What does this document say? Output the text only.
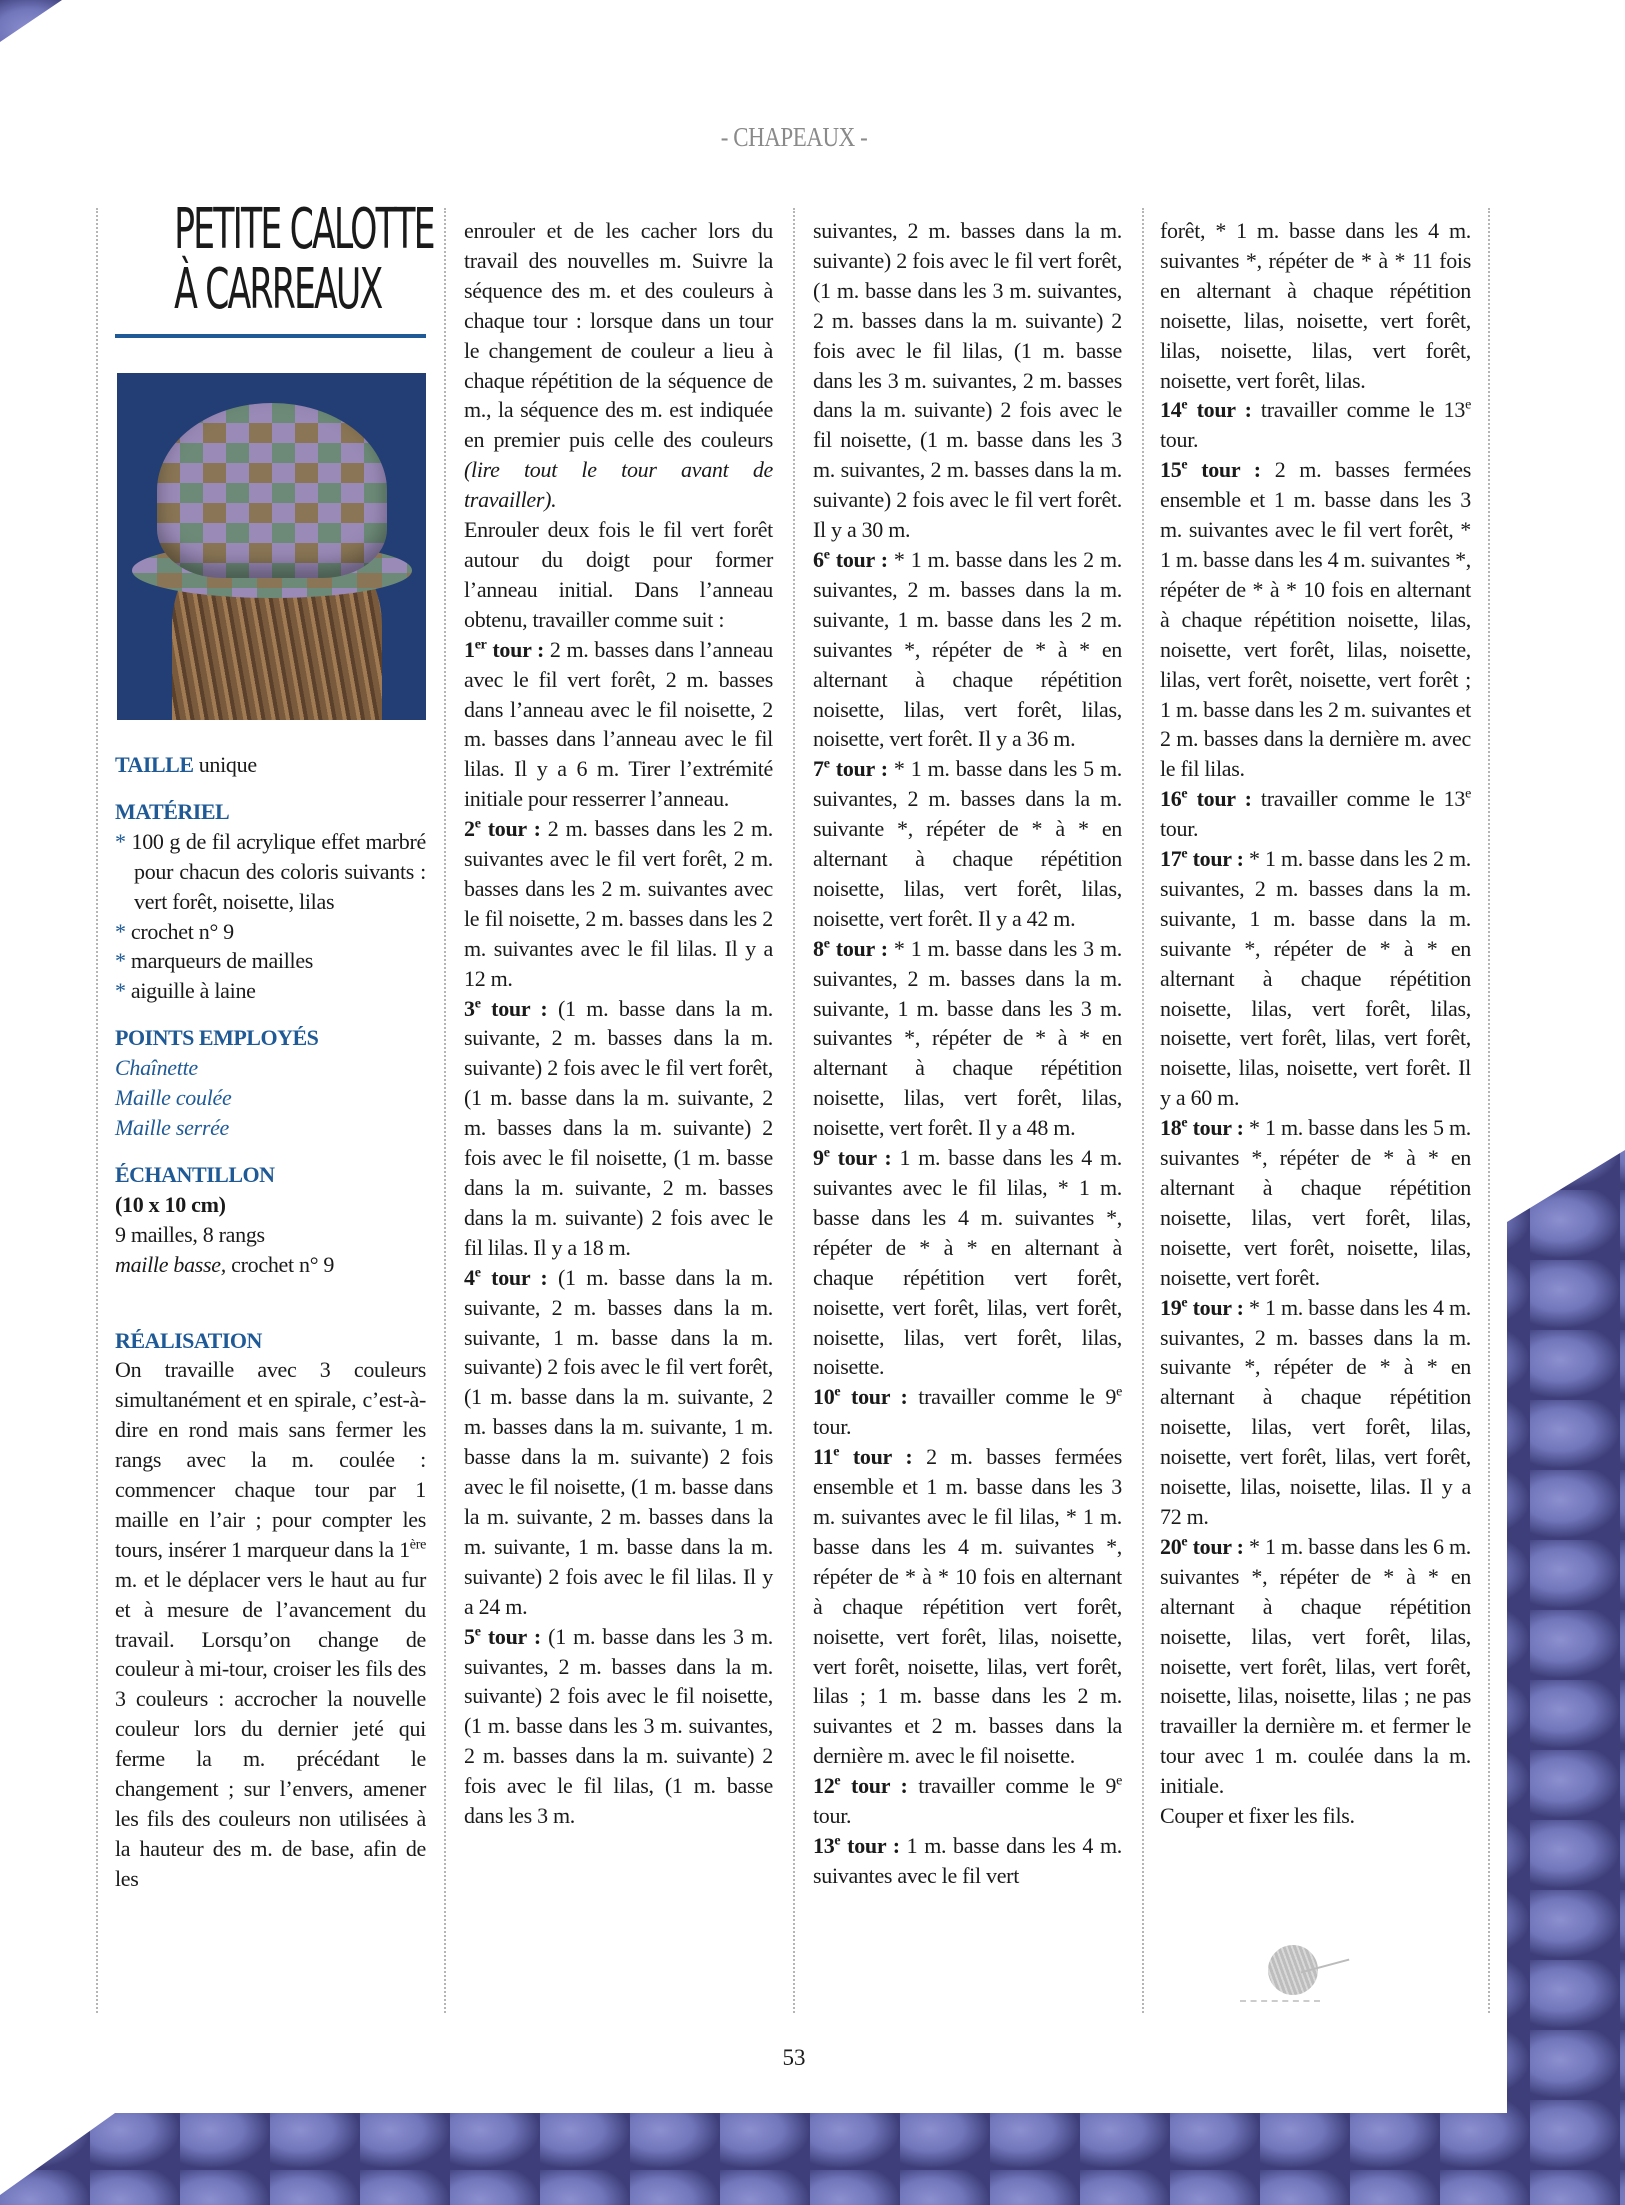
- CHAPEAUX -
PETITE CALOTTE
À CARREAUX

TAILLE unique

MATÉRIEL

* 100 g de fil acrylique effet marbré pour chacun des coloris suivants : vert forêt, noisette, lilas

* crochet n° 9

* marqueurs de mailles

* aiguille à laine

POINTS EMPLOYÉS

Chaînette

Maille coulée

Maille serrée

ÉCHANTILLON

(10 x 10 cm)

9 mailles, 8 rangs

maille basse, crochet n° 9

RÉALISATION

On travaille avec 3 couleurs simultanément et en spirale, c’est-à-dire en rond mais sans fermer les rangs avec la m. coulée : commencer chaque tour par 1 maille en l’air ; pour compter les tours, insérer 1 marqueur dans la 1ère m. et le déplacer vers le haut au fur et à mesure de l’avancement du travail. Lorsqu’on change de couleur à mi-tour, croiser les fils des 3 couleurs : accrocher la nouvelle couleur lors du dernier jeté qui ferme la m. précédant le changement ; sur l’envers, amener les fils des couleurs non utilisées à la hauteur des m. de base, afin de les

enrouler et de les cacher lors du travail des nouvelles m. Suivre la séquence des m. et des couleurs à chaque tour : lorsque dans un tour le changement de couleur a lieu à chaque répétition de la séquence de m., la séquence des m. est indiquée en premier puis celle des couleurs (lire tout le tour avant de travailler).

Enrouler deux fois le fil vert forêt autour du doigt pour former l’anneau initial. Dans l’anneau obtenu, travailler comme suit :

1er tour : 2 m. basses dans l’anneau avec le fil vert forêt, 2 m. basses dans l’anneau avec le fil noisette, 2 m. basses dans l’anneau avec le fil lilas. Il y a 6 m. Tirer l’extrémité initiale pour resserrer l’anneau.

2e tour : 2 m. basses dans les 2 m. suivantes avec le fil vert forêt, 2 m. basses dans les 2 m. suivantes avec le fil noisette, 2 m. basses dans les 2 m. suivantes avec le fil lilas. Il y a 12 m.

3e tour : (1 m. basse dans la m. suivante, 2 m. basses dans la m. suivante) 2 fois avec le fil vert forêt, (1 m. basse dans la m. suivante, 2 m. basses dans la m. suivante) 2 fois avec le fil noisette, (1 m. basse dans la m. suivante, 2 m. basses dans la m. suivante) 2 fois avec le fil lilas. Il y a 18 m.

4e tour : (1 m. basse dans la m. suivante, 2 m. basses dans la m. suivante, 1 m. basse dans la m. suivante) 2 fois avec le fil vert forêt, (1 m. basse dans la m. suivante, 2 m. basses dans la m. suivante, 1 m. basse dans la m. suivante) 2 fois avec le fil noisette, (1 m. basse dans la m. suivante, 2 m. basses dans la m. suivante, 1 m. basse dans la m. suivante) 2 fois avec le fil lilas. Il y a 24 m.

5e tour : (1 m. basse dans les 3 m. suivantes, 2 m. basses dans la m. suivante) 2 fois avec le fil noisette, (1 m. basse dans les 3 m. suivantes, 2 m. basses dans la m. suivante) 2 fois avec le fil lilas, (1 m. basse dans les 3 m.

suivantes, 2 m. basses dans la m. suivante) 2 fois avec le fil vert forêt, (1 m. basse dans les 3 m. suivantes, 2 m. basses dans la m. suivante) 2 fois avec le fil lilas, (1 m. basse dans les 3 m. suivantes, 2 m. basses dans la m. suivante) 2 fois avec le fil noisette, (1 m. basse dans les 3 m. suivantes, 2 m. basses dans la m. suivante) 2 fois avec le fil vert forêt. Il y a 30 m.

6e tour : * 1 m. basse dans les 2 m. suivantes, 2 m. basses dans la m. suivante, 1 m. basse dans les 2 m. suivantes *, répéter de * à * en alternant à chaque répétition noisette, lilas, vert forêt, lilas, noisette, vert forêt. Il y a 36 m.

7e tour : * 1 m. basse dans les 5 m. suivantes, 2 m. basses dans la m. suivante *, répéter de * à * en alternant à chaque répétition noisette, lilas, vert forêt, lilas, noisette, vert forêt. Il y a 42 m.

8e tour : * 1 m. basse dans les 3 m. suivantes, 2 m. basses dans la m. suivante, 1 m. basse dans les 3 m. suivantes *, répéter de * à * en alternant à chaque répétition noisette, lilas, vert forêt, lilas, noisette, vert forêt. Il y a 48 m.

9e tour : 1 m. basse dans les 4 m. suivantes avec le fil lilas, * 1 m. basse dans les 4 m. suivantes *, répéter de * à * en alternant à chaque répétition vert forêt, noisette, vert forêt, lilas, vert forêt, noisette, lilas, vert forêt, lilas, noisette.

10e tour : travailler comme le 9e tour.

11e tour : 2 m. basses fermées ensemble et 1 m. basse dans les 3 m. suivantes avec le fil lilas, * 1 m. basse dans les 4 m. suivantes *, répéter de * à * 10 fois en alternant à chaque répétition vert forêt, noisette, vert forêt, lilas, noisette, vert forêt, noisette, lilas, vert forêt, lilas ; 1 m. basse dans les 2 m. suivantes et 2 m. basses dans la dernière m. avec le fil noisette.

12e tour : travailler comme le 9e tour.

13e tour : 1 m. basse dans les 4 m. suivantes avec le fil vert

forêt, * 1 m. basse dans les 4 m. suivantes *, répéter de * à * 11 fois en alternant à chaque répétition noisette, lilas, noisette, vert forêt, lilas, noisette, lilas, vert forêt, noisette, vert forêt, lilas.

14e tour : travailler comme le 13e tour.

15e tour : 2 m. basses fermées ensemble et 1 m. basse dans les 3 m. suivantes avec le fil vert forêt, * 1 m. basse dans les 4 m. suivantes *, répéter de * à * 10 fois en alternant à chaque répétition noisette, lilas, noisette, vert forêt, lilas, noisette, lilas, vert forêt, noisette, vert forêt ; 1 m. basse dans les 2 m. suivantes et 2 m. basses dans la dernière m. avec le fil lilas.

16e tour : travailler comme le 13e tour.

17e tour : * 1 m. basse dans les 2 m. suivantes, 2 m. basses dans la m. suivante, 1 m. basse dans la m. suivante *, répéter de * à * en alternant à chaque répétition noisette, lilas, vert forêt, lilas, noisette, vert forêt, lilas, vert forêt, noisette, lilas, noisette, vert forêt. Il y a 60 m.

18e tour : * 1 m. basse dans les 5 m. suivantes *, répéter de * à * en alternant à chaque répétition noisette, lilas, vert forêt, lilas, noisette, vert forêt, noisette, lilas, noisette, vert forêt.

19e tour : * 1 m. basse dans les 4 m. suivantes, 2 m. basses dans la m. suivante *, répéter de * à * en alternant à chaque répétition noisette, lilas, vert forêt, lilas, noisette, vert forêt, lilas, vert forêt, noisette, lilas, noisette, lilas. Il y a 72 m.

20e tour : * 1 m. basse dans les 6 m. suivantes *, répéter de * à * en alternant à chaque répétition noisette, lilas, vert forêt, lilas, noisette, vert forêt, lilas, vert forêt, noisette, lilas, noisette, lilas ; ne pas travailler la dernière m. et fermer le tour avec 1 m. coulée dans la m. initiale.

Couper et fixer les fils.

53
